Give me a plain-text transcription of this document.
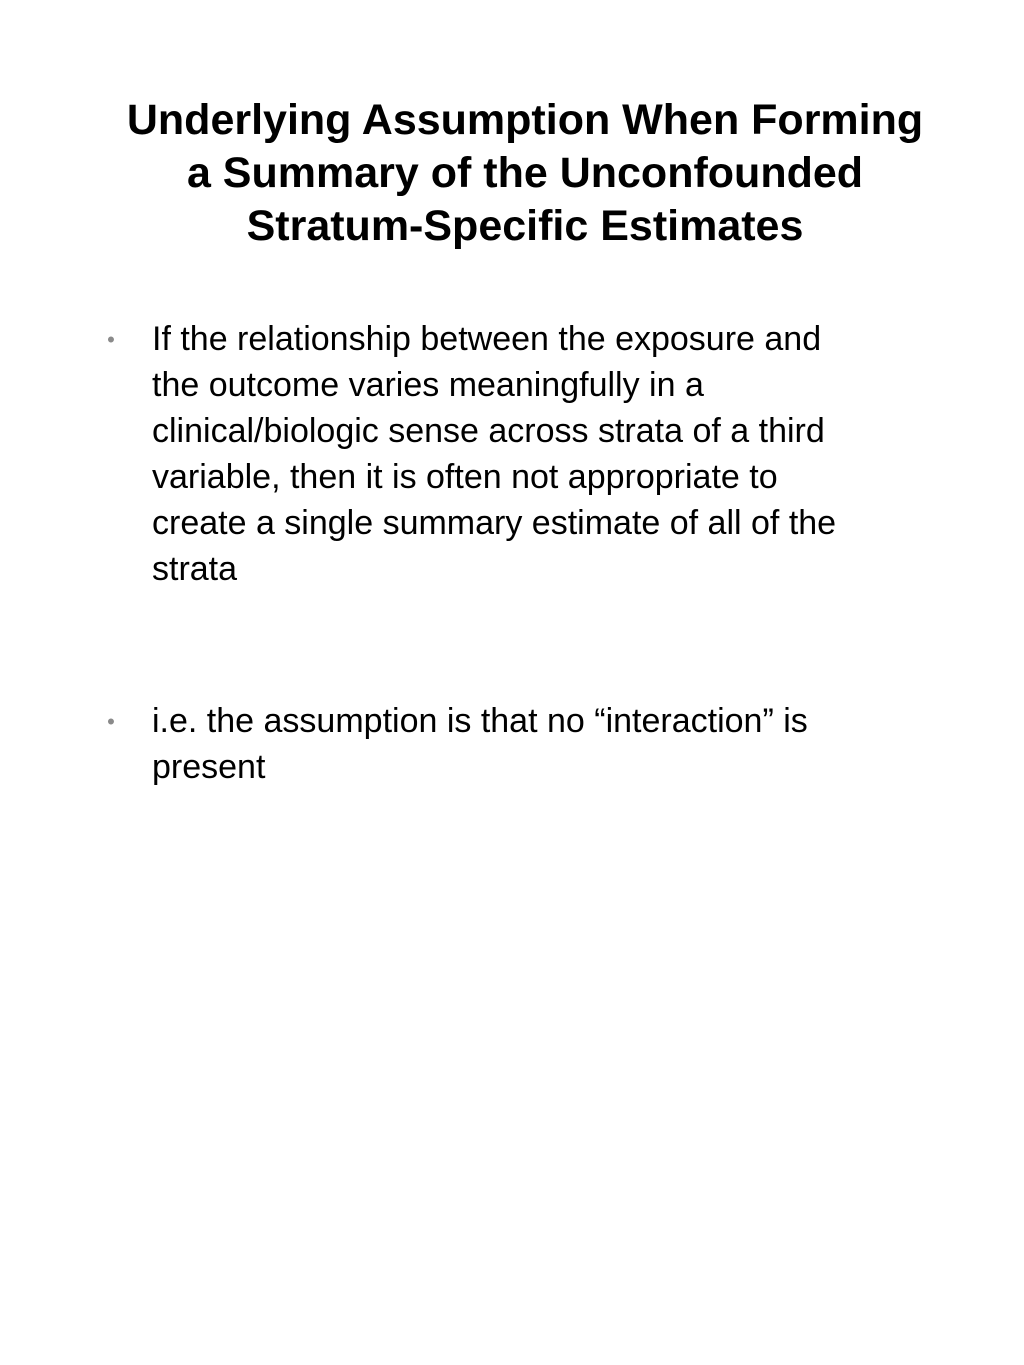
Underlying Assumption When Forming
a Summary of the Unconfounded
Stratum-Specific Estimates
• If the relationship between the exposure and
the outcome varies meaningfully in a
clinical/biologic sense across strata of a third
variable, then it is often not appropriate to
create a single summary estimate of all of the
strata
• i.e. the assumption is that no “interaction” is
present
